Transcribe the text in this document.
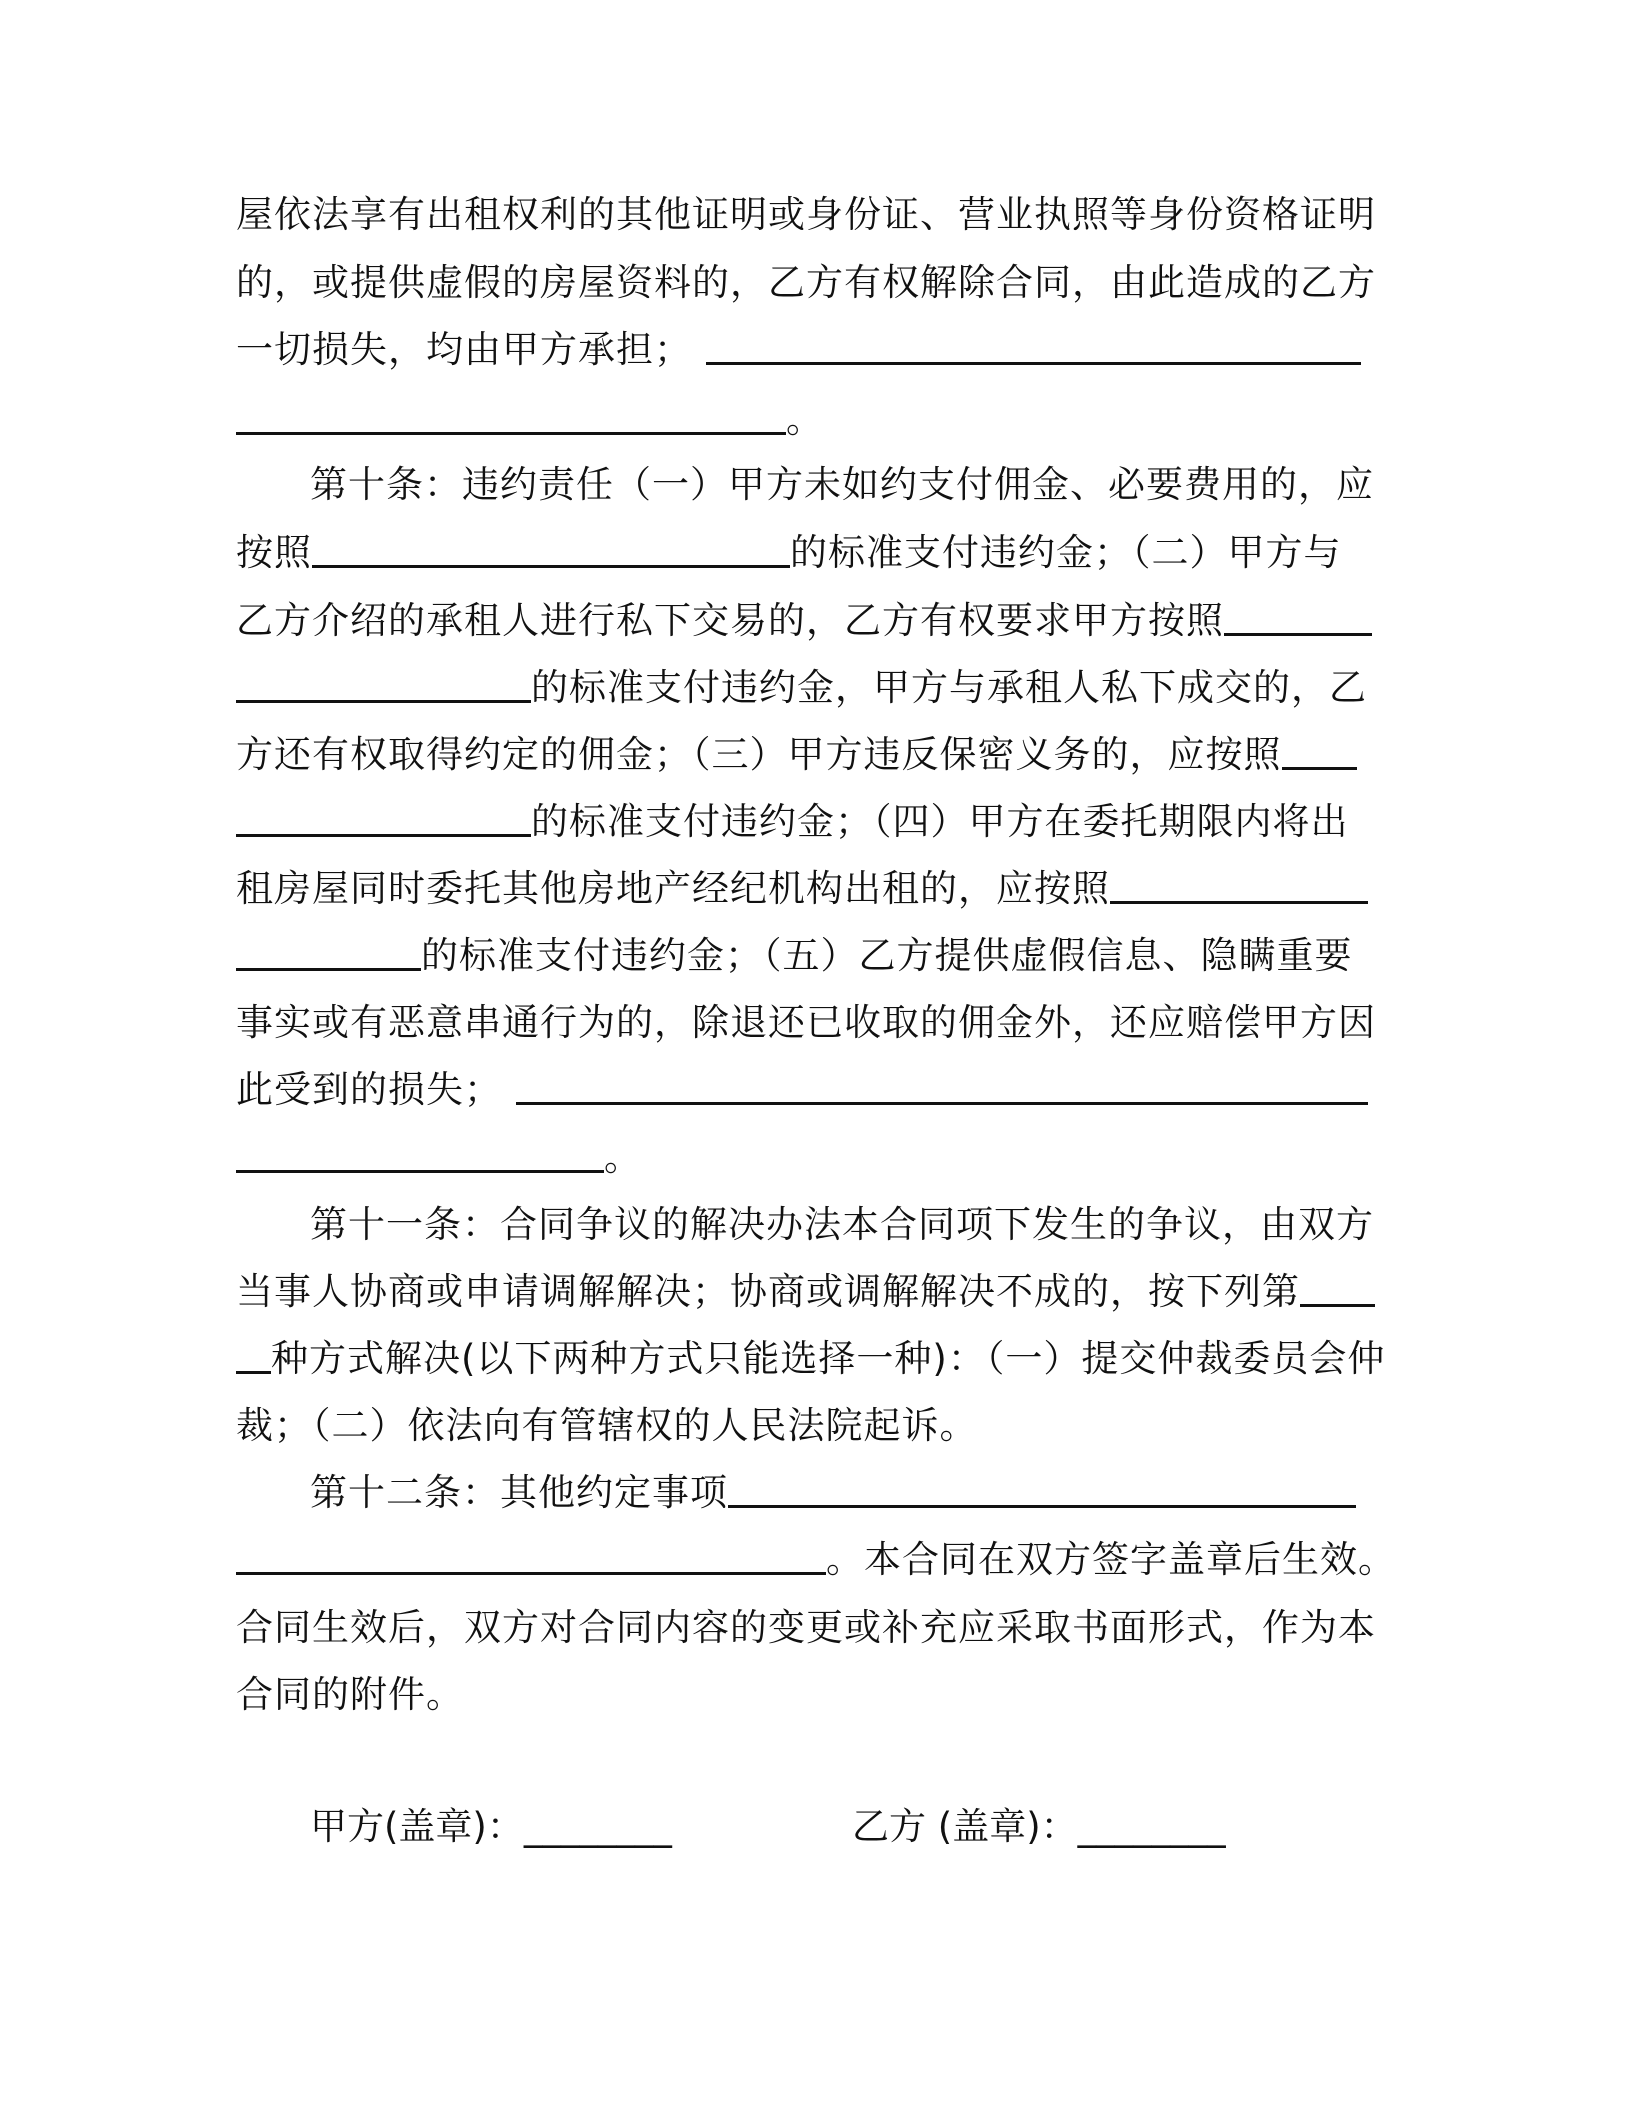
屋依法享有出租权利的其他证明或身份证、营业执照等身份资格证明
的，或提供虚假的房屋资料的，乙方有权解除合同，由此造成的乙方
一切损失，均由甲方承担；
。
第十条：违约责任（一）甲方未如约支付佣金、必要费用的，应
按照	的标准支付违约金；（二）甲方与
乙方介绍的承租人进行私下交易的，乙方有权要求甲方按照
的标准支付违约金，甲方与承租人私下成交的，乙
方还有权取得约定的佣金；（三）甲方违反保密义务的，应按照
的标准支付违约金；（四）甲方在委托期限内将出
租房屋同时委托其他房地产经纪机构出租的，应按照
的标准支付违约金；（五）乙方提供虚假信息、隐瞒重要
事实或有恶意串通行为的，除退还已收取的佣金外，还应赔偿甲方因
此受到的损失；
。
第十一条：合同争议的解决办法本合同项下发生的争议，由双方
当事人协商或申请调解解决；协商或调解解决不成的，按下列第
种方式解决(以下两种方式只能选择一种)：（一）提交仲裁委员会仲
裁；（二）依法向有管辖权的人民法院起诉。
第十二条：其他约定事项
。本合同在双方签字盖章后生效。
合同生效后，双方对合同内容的变更或补充应采取书面形式，作为本
合同的附件。
甲方(盖章)：________	乙方 (盖章)：________
